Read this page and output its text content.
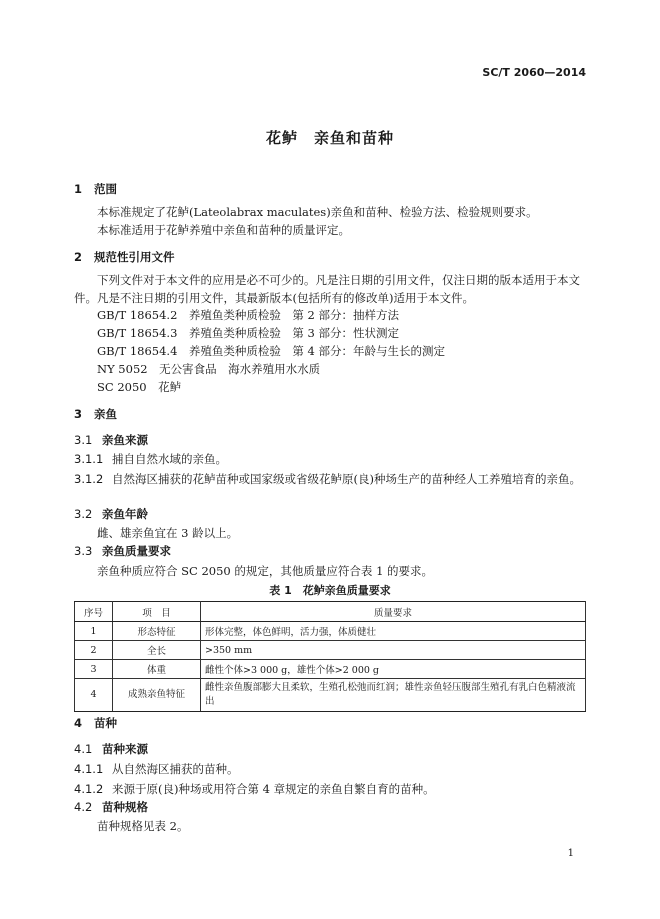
SC/T 2060—2014
花鲈　亲鱼和苗种
1 范围
本标准规定了花鲈(Lateolabrax maculates)亲鱼和苗种、检验方法、检验规则要求。
本标准适用于花鲈养殖中亲鱼和苗种的质量评定。
2 规范性引用文件
下列文件对于本文件的应用是必不可少的。凡是注日期的引用文件，仅注日期的版本适用于本文件。凡是不注日期的引用文件，其最新版本(包括所有的修改单)适用于本文件。
GB/T 18654.2　养殖鱼类种质检验　第 2 部分：抽样方法
GB/T 18654.3　养殖鱼类种质检验　第 3 部分：性状测定
GB/T 18654.4　养殖鱼类种质检验　第 4 部分：年龄与生长的测定
NY 5052　无公害食品　海水养殖用水水质
SC 2050　花鲈
3 亲鱼
3.1 亲鱼来源
3.1.1 捕自自然水域的亲鱼。
3.1.2 自然海区捕获的花鲈苗种或国家级或省级花鲈原(良)种场生产的苗种经人工养殖培育的亲鱼。
3.2 亲鱼年龄
雌、雄亲鱼宜在 3 龄以上。
3.3 亲鱼质量要求
亲鱼种质应符合 SC 2050 的规定，其他质量应符合表 1 的要求。
表 1　花鲈亲鱼质量要求
序号	项　目	质量要求
1	形态特征	形体完整，体色鲜明，活力强，体质健壮
2	全长	>350 mm
3	体重	雌性个体>3 000 g，雄性个体>2 000 g
4	成熟亲鱼特征	雌性亲鱼腹部膨大且柔软，生殖孔松弛而红润；雄性亲鱼轻压腹部生殖孔有乳白色精液流出
4 苗种
4.1 苗种来源
4.1.1 从自然海区捕获的苗种。
4.1.2 来源于原(良)种场或用符合第 4 章规定的亲鱼自繁自育的苗种。
4.2 苗种规格
苗种规格见表 2。
1
